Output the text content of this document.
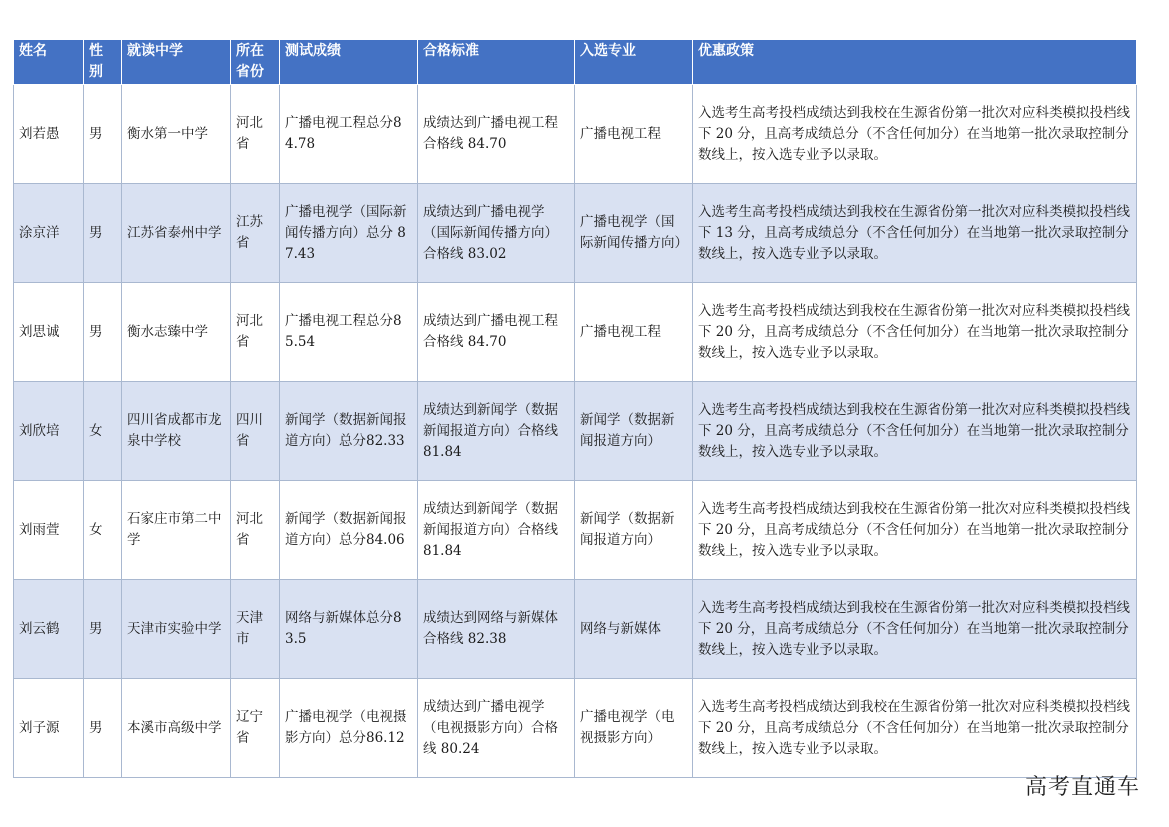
姓名	性别	就读中学	所在省份	测试成绩	合格标准	入选专业	优惠政策
刘若愚	男	衡水第一中学	河北省	广播电视工程总分84.78	成绩达到广播电视工程合格线 84.70	广播电视工程	入选考生高考投档成绩达到我校在生源省份第一批次对应科类模拟投档线下 20 分，且高考成绩总分（不含任何加分）在当地第一批次录取控制分数线上，按入选专业予以录取。
涂京洋	男	江苏省泰州中学	江苏省	广播电视学（国际新闻传播方向）总分 87.43	成绩达到广播电视学（国际新闻传播方向）合格线 83.02	广播电视学（国际新闻传播方向）	入选考生高考投档成绩达到我校在生源省份第一批次对应科类模拟投档线下 13 分，且高考成绩总分（不含任何加分）在当地第一批次录取控制分数线上，按入选专业予以录取。
刘思诚	男	衡水志臻中学	河北省	广播电视工程总分85.54	成绩达到广播电视工程合格线 84.70	广播电视工程	入选考生高考投档成绩达到我校在生源省份第一批次对应科类模拟投档线下 20 分，且高考成绩总分（不含任何加分）在当地第一批次录取控制分数线上，按入选专业予以录取。
刘欣培	女	四川省成都市龙泉中学校	四川省	新闻学（数据新闻报道方向）总分82.33	成绩达到新闻学（数据新闻报道方向）合格线 81.84	新闻学（数据新闻报道方向）	入选考生高考投档成绩达到我校在生源省份第一批次对应科类模拟投档线下 20 分，且高考成绩总分（不含任何加分）在当地第一批次录取控制分数线上，按入选专业予以录取。
刘雨萱	女	石家庄市第二中学	河北省	新闻学（数据新闻报道方向）总分84.06	成绩达到新闻学（数据新闻报道方向）合格线 81.84	新闻学（数据新闻报道方向）	入选考生高考投档成绩达到我校在生源省份第一批次对应科类模拟投档线下 20 分，且高考成绩总分（不含任何加分）在当地第一批次录取控制分数线上，按入选专业予以录取。
刘云鹤	男	天津市实验中学	天津市	网络与新媒体总分83.5	成绩达到网络与新媒体合格线 82.38	网络与新媒体	入选考生高考投档成绩达到我校在生源省份第一批次对应科类模拟投档线下 20 分，且高考成绩总分（不含任何加分）在当地第一批次录取控制分数线上，按入选专业予以录取。
刘子源	男	本溪市高级中学	辽宁省	广播电视学（电视摄影方向）总分86.12	成绩达到广播电视学（电视摄影方向）合格线 80.24	广播电视学（电视摄影方向）	入选考生高考投档成绩达到我校在生源省份第一批次对应科类模拟投档线下 20 分，且高考成绩总分（不含任何加分）在当地第一批次录取控制分数线上，按入选专业予以录取。
高考直通车
